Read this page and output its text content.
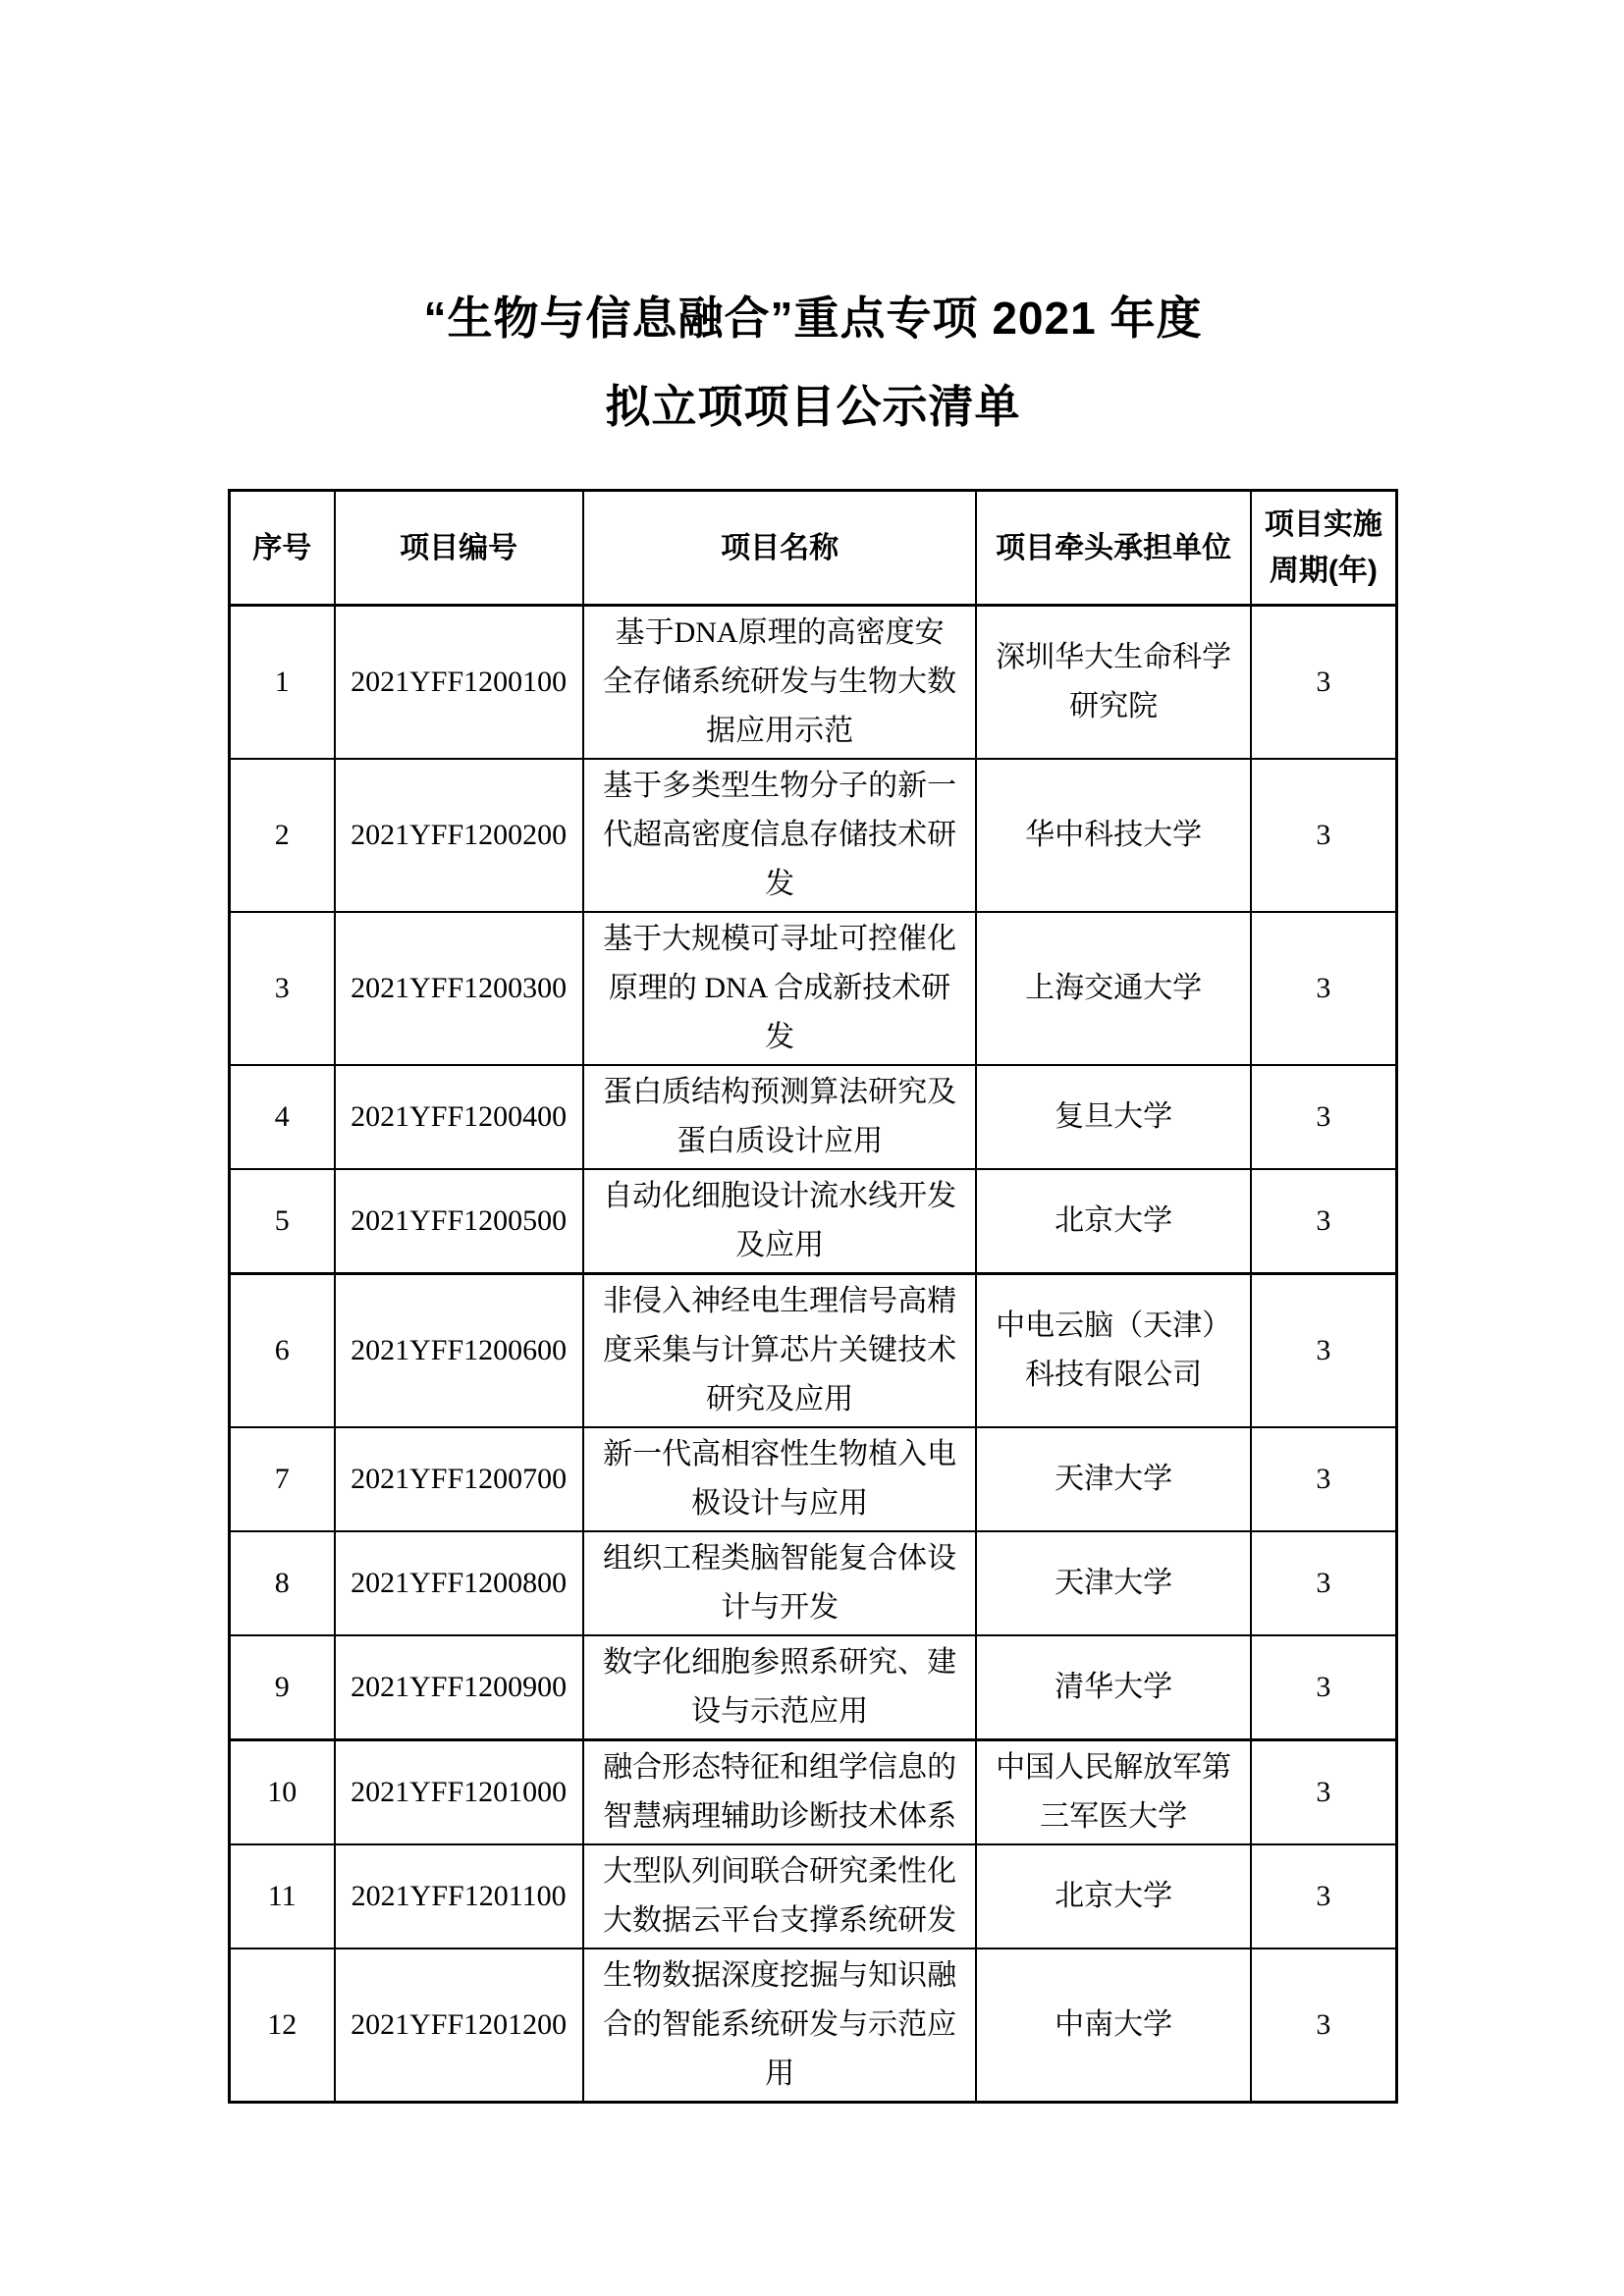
“生物与信息融合”重点专项 2021 年度
拟立项项目公示清单
序号	项目编号	项目名称	项目牵头承担单位	项目实施周期(年)
1	2021YFF1200100	基于DNA原理的高密度安全存储系统研发与生物大数据应用示范	深圳华大生命科学研究院	3
2	2021YFF1200200	基于多类型生物分子的新一代超高密度信息存储技术研发	华中科技大学	3
3	2021YFF1200300	基于大规模可寻址可控催化原理的 DNA 合成新技术研发	上海交通大学	3
4	2021YFF1200400	蛋白质结构预测算法研究及蛋白质设计应用	复旦大学	3
5	2021YFF1200500	自动化细胞设计流水线开发及应用	北京大学	3
6	2021YFF1200600	非侵入神经电生理信号高精度采集与计算芯片关键技术研究及应用	中电云脑（天津）科技有限公司	3
7	2021YFF1200700	新一代高相容性生物植入电极设计与应用	天津大学	3
8	2021YFF1200800	组织工程类脑智能复合体设计与开发	天津大学	3
9	2021YFF1200900	数字化细胞参照系研究、建设与示范应用	清华大学	3
10	2021YFF1201000	融合形态特征和组学信息的智慧病理辅助诊断技术体系	中国人民解放军第三军医大学	3
11	2021YFF1201100	大型队列间联合研究柔性化大数据云平台支撑系统研发	北京大学	3
12	2021YFF1201200	生物数据深度挖掘与知识融合的智能系统研发与示范应用	中南大学	3
